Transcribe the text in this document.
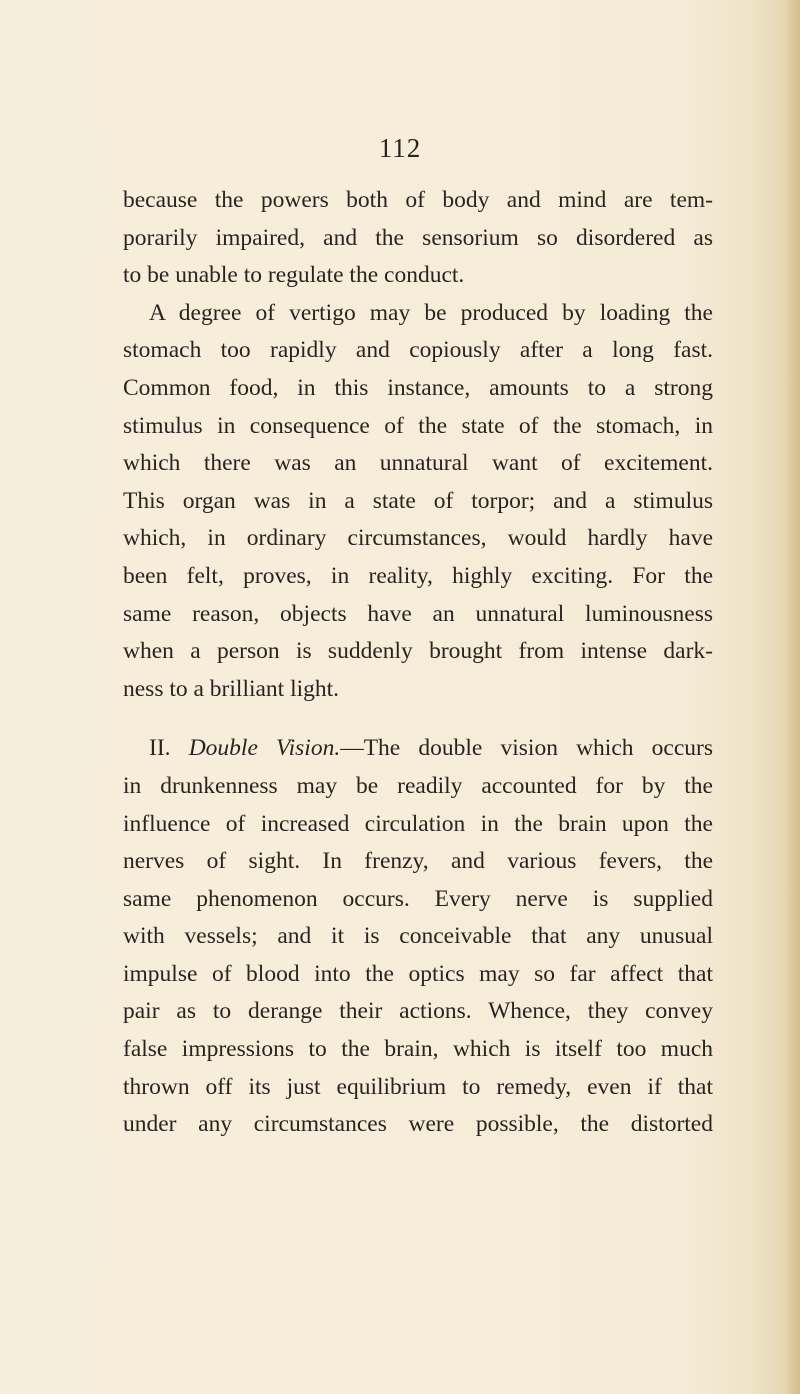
112
because the powers both of body and mind are tem-
porarily impaired, and the sensorium so disordered as
to be unable to regulate the conduct.
A degree of vertigo may be produced by loading the
stomach too rapidly and copiously after a long fast.
Common food, in this instance, amounts to a strong
stimulus in consequence of the state of the stomach, in
which there was an unnatural want of excitement.
This organ was in a state of torpor; and a stimulus
which, in ordinary circumstances, would hardly have
been felt, proves, in reality, highly exciting. For the
same reason, objects have an unnatural luminousness
when a person is suddenly brought from intense dark-
ness to a brilliant light.
II. Double Vision.—The double vision which occurs
in drunkenness may be readily accounted for by the
influence of increased circulation in the brain upon the
nerves of sight. In frenzy, and various fevers, the
same phenomenon occurs. Every nerve is supplied
with vessels; and it is conceivable that any unusual
impulse of blood into the optics may so far affect that
pair as to derange their actions. Whence, they convey
false impressions to the brain, which is itself too much
thrown off its just equilibrium to remedy, even if that
under any circumstances were possible, the distorted
